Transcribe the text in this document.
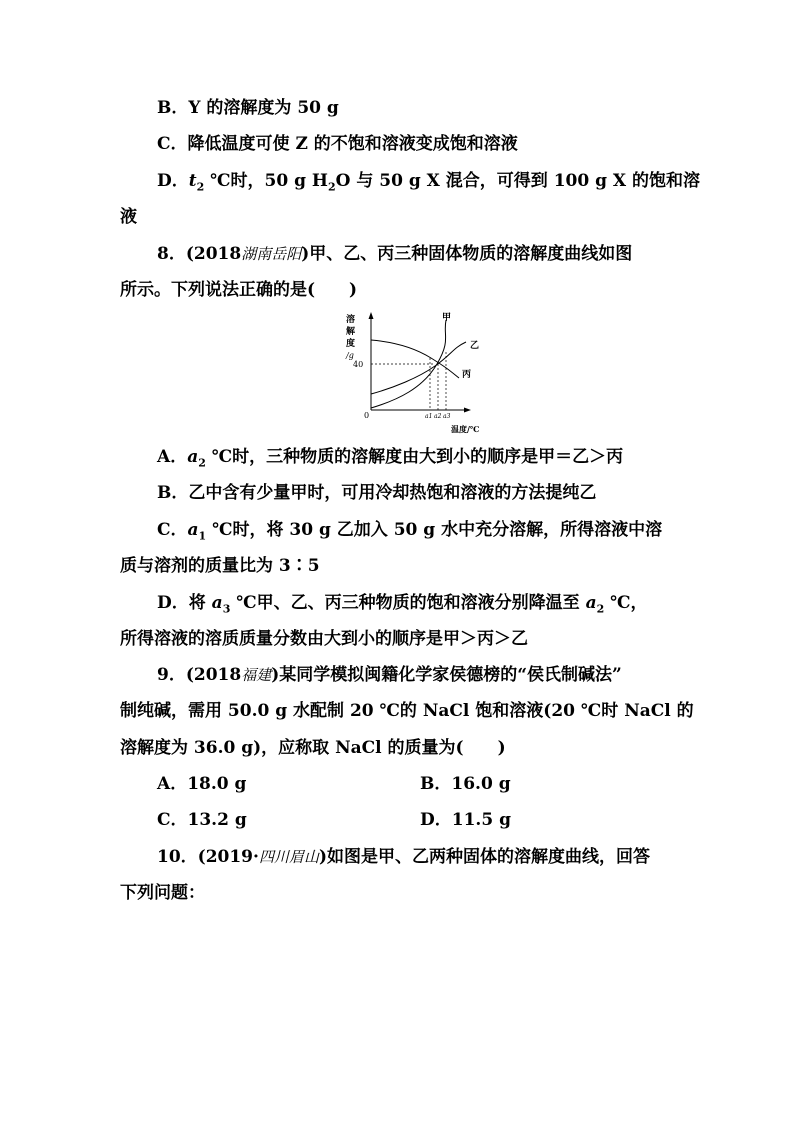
B．Y 的溶解度为 50 g
C．降低温度可使 Z 的不饱和溶液变成饱和溶液
D．$t_2$ ℃时，50 g $H_2O$ 与 50 g X 混合，可得到 100 g X 的饱和溶
液
8．(2018湖南岳阳)甲、乙、丙三种固体物质的溶解度曲线如图
所示。下列说法正确的是(　　)
溶
解
度
/g
40
0	a1 a2 a3
温度/℃
甲
乙
丙
A．$a_2$ ℃时，三种物质的溶解度由大到小的顺序是甲＝乙＞丙
B．乙中含有少量甲时，可用冷却热饱和溶液的方法提纯乙
C．$a_1$ ℃时，将 30 g 乙加入 50 g 水中充分溶解，所得溶液中溶
质与溶剂的质量比为 3∶5
D．将 $a_3$ ℃甲、乙、丙三种物质的饱和溶液分别降温至 $a_2$ ℃，
所得溶液的溶质质量分数由大到小的顺序是甲＞丙＞乙
9．(2018福建)某同学模拟闽籍化学家侯德榜的“侯氏制碱法”
制纯碱，需用 50.0 g 水配制 20 ℃的 NaCl 饱和溶液(20 ℃时 NaCl 的
溶解度为 36.0 g)，应称取 NaCl 的质量为(　　)
A．18.0 g	B．16.0 g
C．13.2 g	D．11.5 g
10．(2019·四川眉山)如图是甲、乙两种固体的溶解度曲线，回答
下列问题：
